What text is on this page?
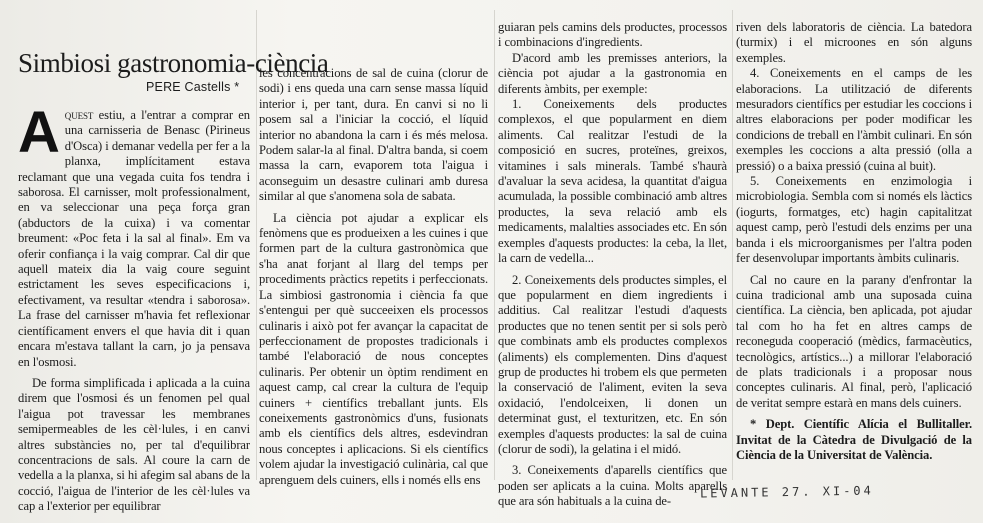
Simbiosi gastronomia-ciència
PERE Castells *

Aquest estiu, a l'entrar a comprar en una carnisseria de Benasc (Pirineus d'Osca) i demanar vedella per fer a la planxa, implícitament estava reclamant que una vegada cuita fos tendra i saborosa. El carnisser, molt professionalment, en va seleccionar una peça força gran (abductors de la cuixa) i va comentar breument: «Poc feta i la sal al final». Em va oferir confiança i la vaig comprar. Cal dir que aquell mateix dia la vaig coure seguint estrictament les seves especificacions i, efectivament, va resultar «tendra i saborosa». La frase del carnisser m'havia fet reflexionar científicament envers el que havia dit i quan encara m'estava tallant la carn, jo ja pensava en l'osmosi.

De forma simplificada i aplicada a la cuina direm que l'osmosi és un fenomen pel qual l'aigua pot travessar les membranes semipermeables de les cèl·lules, i en canvi altres substàncies no, per tal d'equilibrar concentracions de sals. Al coure la carn de vedella a la planxa, si hi afegim sal abans de la cocció, l'aigua de l'interior de les cèl·lules va cap a l'exterior per equilibrar

les concentracions de sal de cuina (clorur de sodi) i ens queda una carn sense massa líquid interior i, per tant, dura. En canvi si no li posem sal a l'iniciar la cocció, el líquid interior no abandona la carn i és més melosa. Podem salar-la al final. D'altra banda, si coem massa la carn, evaporem tota l'aigua i aconseguim un desastre culinari amb duresa similar al que s'anomena sola de sabata.

La ciència pot ajudar a explicar els fenòmens que es produeixen a les cuines i que formen part de la cultura gastronòmica que s'ha anat forjant al llarg del temps per procediments pràctics repetits i perfeccionats. La simbiosi gastronomia i ciència fa que s'entengui per què succeeixen els processos culinaris i això pot fer avançar la capacitat de perfeccionament de propostes tradicionals i també l'elaboració de nous conceptes culinaris. Per obtenir un òptim rendiment en aquest camp, cal crear la cultura de l'equip cuiners + científics treballant junts. Els coneixements gastronòmics d'uns, fusionats amb els científics dels altres, esdevindran nous conceptes i aplicacions. Si els científics volem ajudar la investigació culinària, cal que aprenguem dels cuiners, ells i només ells ens

guiaran pels camins dels productes, processos i combinacions d'ingredients.

D'acord amb les premisses anteriors, la ciència pot ajudar a la gastronomia en diferents àmbits, per exemple:

1. Coneixements dels productes complexos, el que popularment en diem aliments. Cal realitzar l'estudi de la composició en sucres, proteïnes, greixos, vitamines i sals minerals. També s'haurà d'avaluar la seva acidesa, la quantitat d'aigua acumulada, la possible combinació amb altres productes, la seva relació amb els medicaments, malalties associades etc. En són exemples d'aquests productes: la ceba, la llet, la carn de vedella...

2. Coneixements dels productes simples, el que popularment en diem ingredients i additius. Cal realitzar l'estudi d'aquests productes que no tenen sentit per si sols però que combinats amb els productes complexos (aliments) els complementen. Dins d'aquest grup de productes hi trobem els que permeten la conservació de l'aliment, eviten la seva oxidació, l'endolceixen, li donen un determinat gust, el texturitzen, etc. En són exemples d'aquests productes: la sal de cuina (clorur de sodi), la gelatina i el midó.

3. Coneixements d'aparells científics que poden ser aplicats a la cuina. Molts aparells que ara són habituals a la cuina de-

riven dels laboratoris de ciència. La batedora (turmix) i el microones en són alguns exemples.

4. Coneixements en el camps de les elaboracions. La utilització de diferents mesuradors científics per estudiar les coccions i altres elaboracions per poder modificar les condicions de treball en l'àmbit culinari. En són exemples les coccions a alta pressió (olla a pressió) o a baixa pressió (cuina al buit).

5. Coneixements en enzimologia i microbiologia. Sembla com si només els làctics (iogurts, formatges, etc) hagin capitalitzat aquest camp, però l'estudi dels enzims per una banda i els microorganismes per l'altra poden fer desenvolupar importants àmbits culinaris.

Cal no caure en la parany d'enfrontar la cuina tradicional amb una suposada cuina científica. La ciència, ben aplicada, pot ajudar tal com ho ha fet en altres camps de reconeguda cooperació (mèdics, farmacèutics, tecnològics, artístics...) a millorar l'elaboració de plats tradicionals i a proposar nous conceptes culinaris. Al final, però, l'aplicació de veritat sempre estarà en mans dels cuiners.

* Dept. Científic Alícia el Bullitaller. Invitat de la Càtedra de Divulgació de la Ciència de la Universitat de València.

LEVANTE 27. XI-04
